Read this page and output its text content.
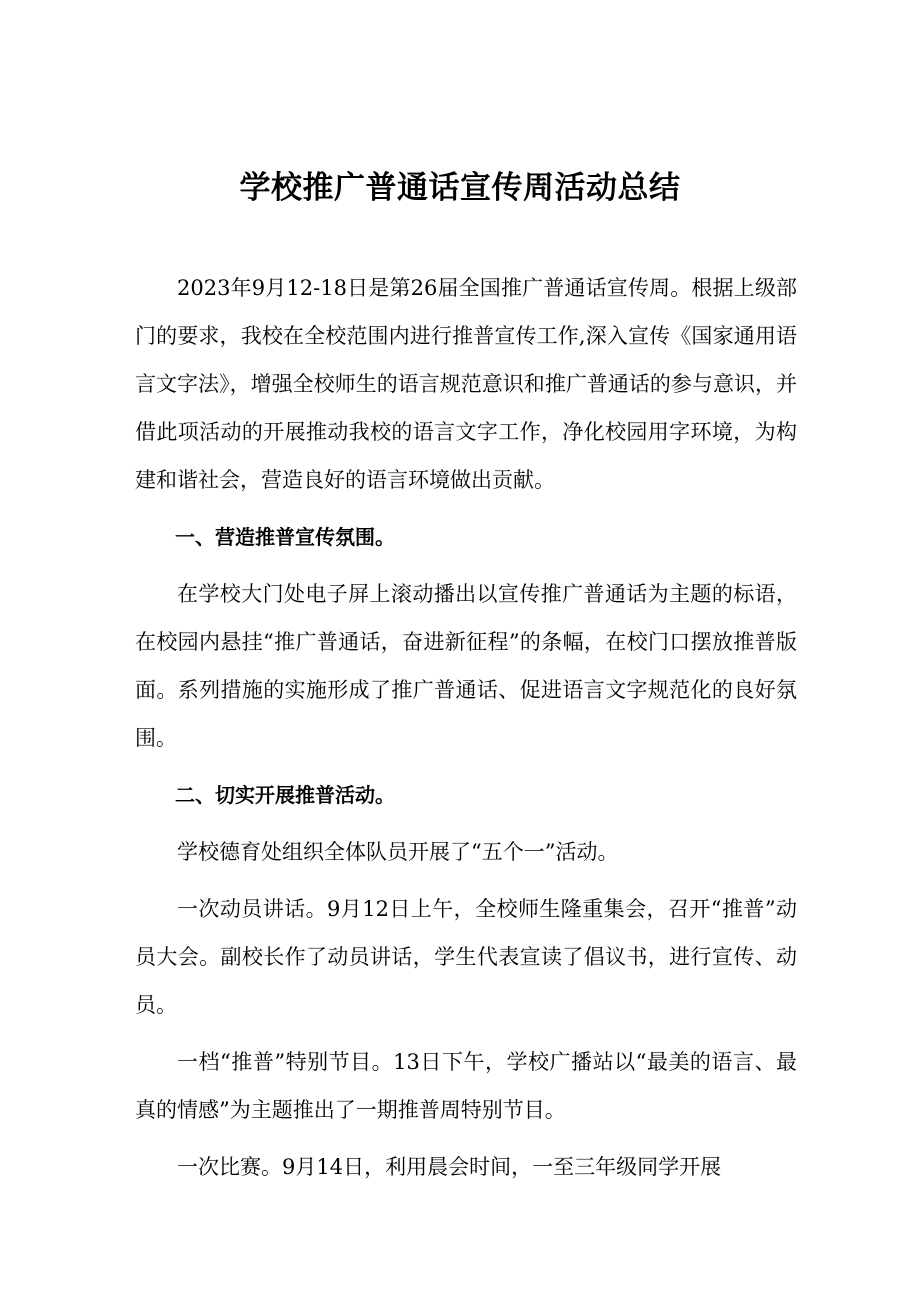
学校推广普通话宣传周活动总结

2023年9月12-18日是第26届全国推广普通话宣传周。根据上级部门的要求，我校在全校范围内进行推普宣传工作,深入宣传《国家通用语言文字法》，增强全校师生的语言规范意识和推广普通话的参与意识，并借此项活动的开展推动我校的语言文字工作，净化校园用字环境，为构建和谐社会，营造良好的语言环境做出贡献。

一、营造推普宣传氛围。

在学校大门处电子屏上滚动播出以宣传推广普通话为主题的标语，在校园内悬挂“推广普通话，奋进新征程”的条幅，在校门口摆放推普版面。系列措施的实施形成了推广普通话、促进语言文字规范化的良好氛围。

二、切实开展推普活动。

学校德育处组织全体队员开展了“五个一”活动。

一次动员讲话。9月12日上午，全校师生隆重集会，召开“推普”动员大会。副校长作了动员讲话，学生代表宣读了倡议书，进行宣传、动员。

一档“推普”特别节目。13日下午，学校广播站以“最美的语言、最真的情感”为主题推出了一期推普周特别节目。

一次比赛。9月14日，利用晨会时间，一至三年级同学开展
